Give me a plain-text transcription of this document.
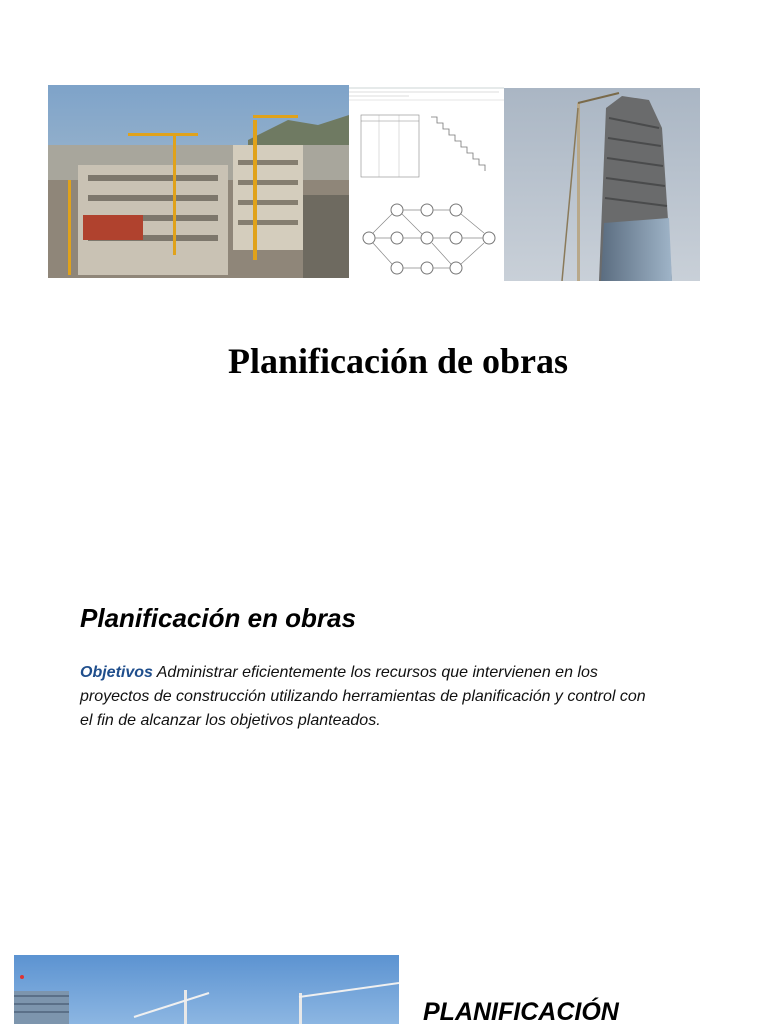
Planificación de obras
Planificación en obras

Objetivos Administrar eficientemente los recursos que intervienen en los proyectos de construcción utilizando herramientas de planificación y control con el fin de alcanzar los objetivos planteados.

PLANIFICACIÓN
